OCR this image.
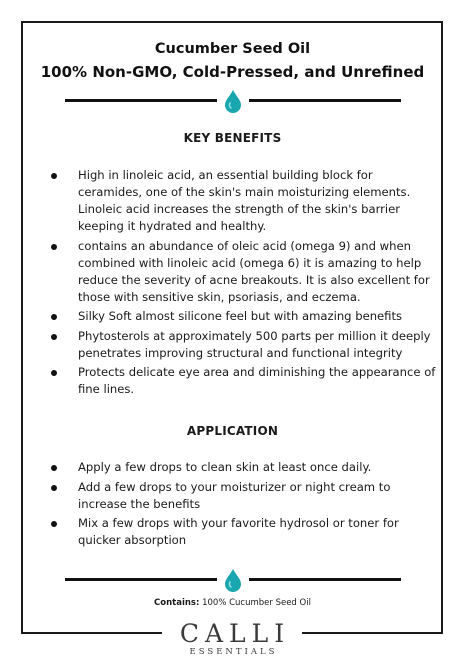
Cucumber Seed Oil
100% Non-GMO, Cold-Pressed, and Unrefined
KEY BENEFITS
High in linoleic acid, an essential building block for ceramides, one of the skin's main moisturizing elements. Linoleic acid increases the strength of the skin's barrier keeping it hydrated and healthy.
contains an abundance of oleic acid (omega 9) and when combined with linoleic acid (omega 6) it is amazing to help reduce the severity of acne breakouts. It is also excellent for those with sensitive skin, psoriasis, and eczema.
Silky Soft almost silicone feel but with amazing benefits
Phytosterols at approximately 500 parts per million it deeply penetrates improving structural and functional integrity
Protects delicate eye area and diminishing the appearance of fine lines.
APPLICATION
Apply a few drops to clean skin at least once daily.
Add a few drops to your moisturizer or night cream to increase the benefits
Mix a few drops with your favorite hydrosol or toner for quicker absorption
Contains: 100% Cucumber Seed Oil
CALLI
ESSENTIALS
